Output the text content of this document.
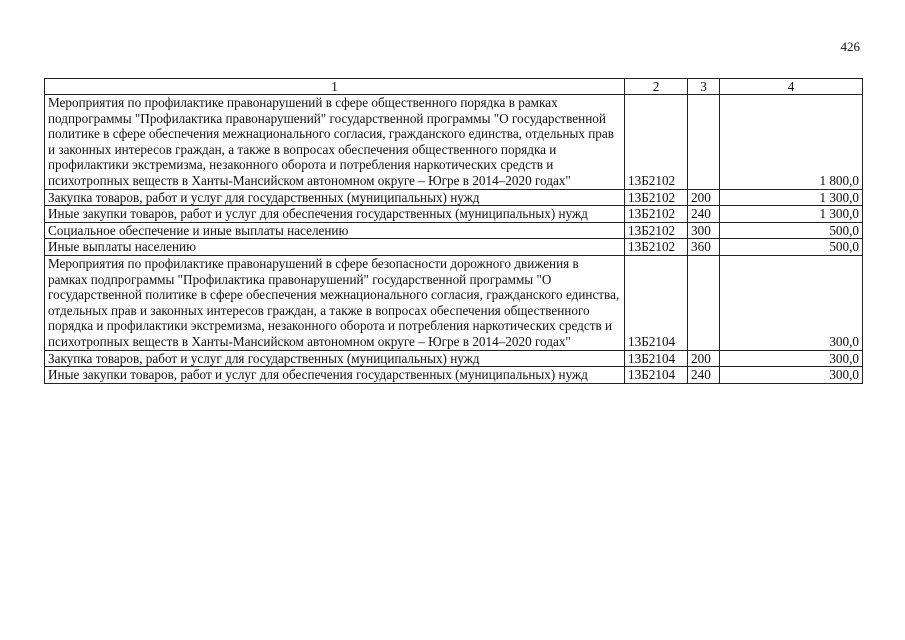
426
1	2	3	4
Мероприятия по профилактике правонарушений в сфере общественного порядка в рамках подпрограммы "Профилактика правонарушений" государственной программы "О государственной политике в сфере обеспечения межнационального согласия, гражданского единства, отдельных прав и законных интересов граждан, а также в вопросах обеспечения общественного порядка и профилактики экстремизма, незаконного оборота и потребления наркотических средств и психотропных веществ в Ханты-Мансийском автономном округе – Югре в 2014–2020 годах"	13Б2102		1 800,0
Закупка товаров, работ и услуг для государственных (муниципальных) нужд	13Б2102	200	1 300,0
Иные закупки товаров, работ и услуг для обеспечения государственных (муниципальных) нужд	13Б2102	240	1 300,0
Социальное обеспечение и иные выплаты населению	13Б2102	300	500,0
Иные выплаты населению	13Б2102	360	500,0
Мероприятия по профилактике правонарушений в сфере безопасности дорожного движения в рамках подпрограммы "Профилактика правонарушений" государственной программы "О государственной политике в сфере обеспечения межнационального согласия, гражданского единства, отдельных прав и законных интересов граждан, а также в вопросах обеспечения общественного порядка и профилактики экстремизма, незаконного оборота и потребления наркотических средств и психотропных веществ в Ханты-Мансийском автономном округе – Югре в 2014–2020 годах"	13Б2104		300,0
Закупка товаров, работ и услуг для государственных (муниципальных) нужд	13Б2104	200	300,0
Иные закупки товаров, работ и услуг для обеспечения государственных (муниципальных) нужд	13Б2104	240	300,0
